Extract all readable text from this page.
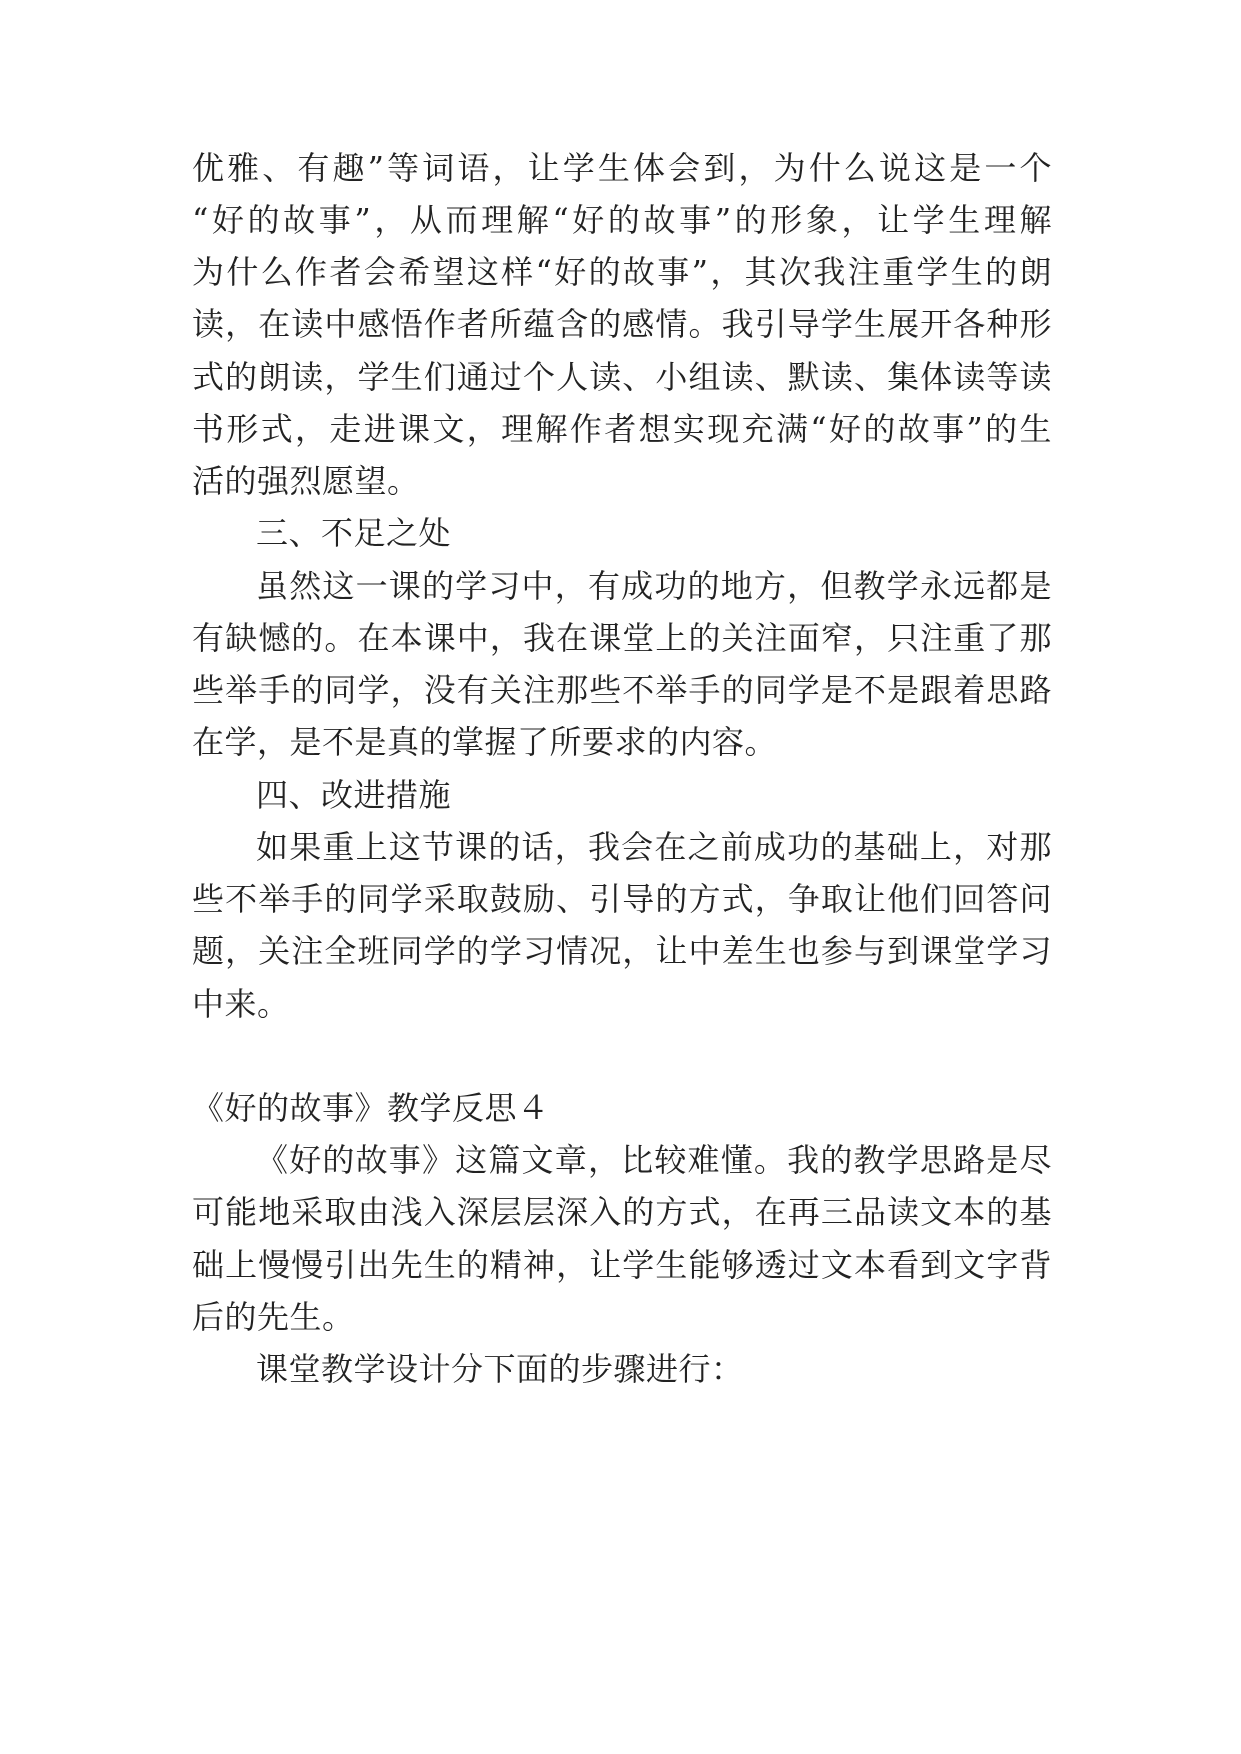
优雅、有趣”等词语，让学生体会到，为什么说这是一个
“好的故事”，从而理解“好的故事”的形象，让学生理解
为什么作者会希望这样“好的故事”，其次我注重学生的朗
读，在读中感悟作者所蕴含的感情。我引导学生展开各种形
式的朗读，学生们通过个人读、小组读、默读、集体读等读
书形式，走进课文，理解作者想实现充满“好的故事”的生
活的强烈愿望。
三、不足之处
虽然这一课的学习中，有成功的地方，但教学永远都是
有缺憾的。在本课中，我在课堂上的关注面窄，只注重了那
些举手的同学，没有关注那些不举手的同学是不是跟着思路
在学，是不是真的掌握了所要求的内容。
四、改进措施
如果重上这节课的话，我会在之前成功的基础上，对那
些不举手的同学采取鼓励、引导的方式，争取让他们回答问
题，关注全班同学的学习情况，让中差生也参与到课堂学习
中来。
《好的故事》教学反思４
《好的故事》这篇文章，比较难懂。我的教学思路是尽
可能地采取由浅入深层层深入的方式，在再三品读文本的基
础上慢慢引出先生的精神，让学生能够透过文本看到文字背
后的先生。
课堂教学设计分下面的步骤进行：
